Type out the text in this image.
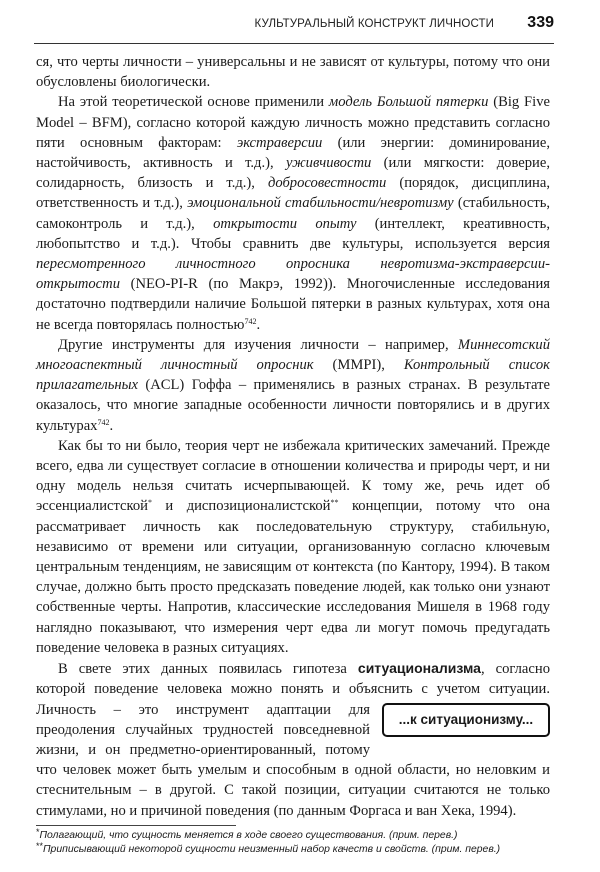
КУЛЬТУРАЛЬНЫЙ КОНСТРУКТ ЛИЧНОСТИ 339

ся, что черты личности – универсальны и не зависят от культуры, потому что они обусловлены биологически.

На этой теоретической основе применили модель Большой пятерки (Big Five Model – BFM), согласно которой каждую личность можно представить согласно пяти основным факторам: экстраверсии (или энергии: доминирование, настойчивость, активность и т.д.), уживчивости (или мягкости: доверие, солидарность, близость и т.д.), добросовестности (порядок, дисциплина, ответственность и т.д.), эмоциональной стабильности/невротизму (стабильность, самоконтроль и т.д.), открытости опыту (интеллект, креативность, любопытство и т.д.). Чтобы сравнить две культуры, используется версия пересмотренного личностного опросника невротизма-экстраверсии-открытости (NEO-PI-R (по Макрэ, 1992)). Многочисленные исследования достаточно подтвердили наличие Большой пятерки в разных культурах, хотя она не всегда повторялась полностью$^{742}$.

Другие инструменты для изучения личности – например, Миннесотский многоаспектный личностный опросник (MMPI), Контрольный список прилагательных (ACL) Гоффа – применялись в разных странах. В результате оказалось, что многие западные особенности личности повторялись и в других культурах$^{742}$.

Как бы то ни было, теория черт не избежала критических замечаний. Прежде всего, едва ли существует согласие в отношении количества и природы черт, и ни одну модель нельзя считать исчерпывающей. К тому же, речь идет об эссенциалистской* и диспозиционалистской** концепции, потому что она рассматривает личность как последовательную структуру, стабильную, независимо от времени или ситуации, организованную согласно ключевым центральным тенденциям, не зависящим от контекста (по Кантору, 1994). В таком случае, должно быть просто предсказать поведение людей, как только они узнают собственные черты. Напротив, классические исследования Мишеля в 1968 году наглядно показывают, что измерения черт едва ли могут помочь предугадать поведение человека в разных ситуациях.

В свете этих данных появилась гипотеза ситуационализма, согласно которой поведение человека можно понять и объяснить с учетом ситуации. Личность – это инструмент
...к ситуационизму...
адаптации для преодоления случайных трудностей повседневной жизни, и он предметно-ориентированный, потому что человек может быть умелым и способным в одной области, но неловким и стеснительным – в другой. С такой позиции, ситуации считаются не только стимулами, но и причиной поведения (по данным Форгаса и ван Хека, 1994).

*Полагающий, что сущность меняется в ходе своего существования. (прим. перев.)
**Приписывающий некоторой сущности неизменный набор качеств и свойств. (прим. перев.)
